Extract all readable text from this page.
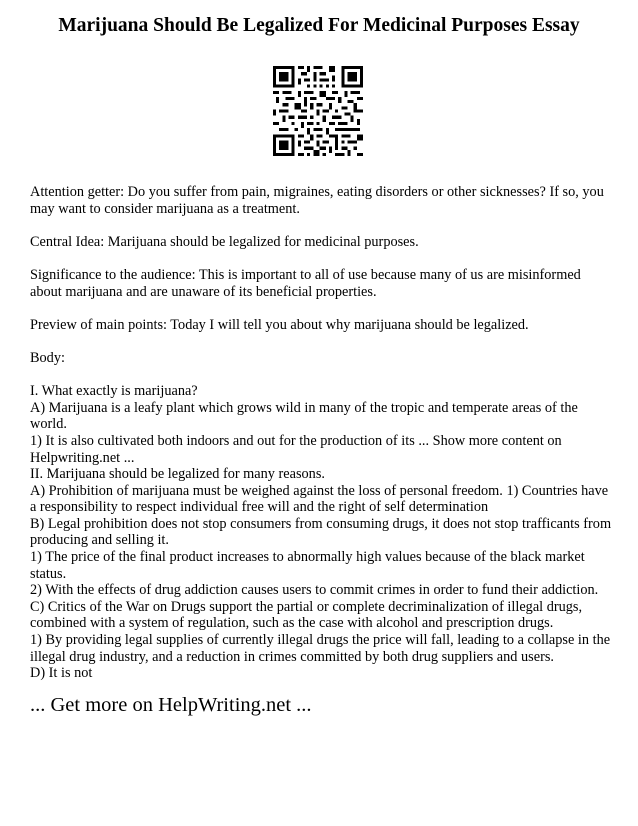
Marijuana Should Be Legalized For Medicinal Purposes Essay

Attention getter: Do you suffer from pain, migraines, eating disorders or other sicknesses? If so, you may want to consider marijuana as a treatment.

Central Idea: Marijuana should be legalized for medicinal purposes.

Significance to the audience: This is important to all of use because many of us are misinformed about marijuana and are unaware of its beneficial properties.

Preview of main points: Today I will tell you about why marijuana should be legalized.

Body:

I. What exactly is marijuana?
A) Marijuana is a leafy plant which grows wild in many of the tropic and temperate areas of the world.
1) It is also cultivated both indoors and out for the production of its ... Show more content on Helpwriting.net ...
II. Marijuana should be legalized for many reasons.
A) Prohibition of marijuana must be weighed against the loss of personal freedom. 1) Countries have a responsibility to respect individual free will and the right of self determination
B) Legal prohibition does not stop consumers from consuming drugs, it does not stop trafficants from producing and selling it.
1) The price of the final product increases to abnormally high values because of the black market status.
2) With the effects of drug addiction causes users to commit crimes in order to fund their addiction.
C) Critics of the War on Drugs support the partial or complete decriminalization of illegal drugs, combined with a system of regulation, such as the case with alcohol and prescription drugs.
1) By providing legal supplies of currently illegal drugs the price will fall, leading to a collapse in the illegal drug industry, and a reduction in crimes committed by both drug suppliers and users.
D) It is not
... Get more on HelpWriting.net ...
